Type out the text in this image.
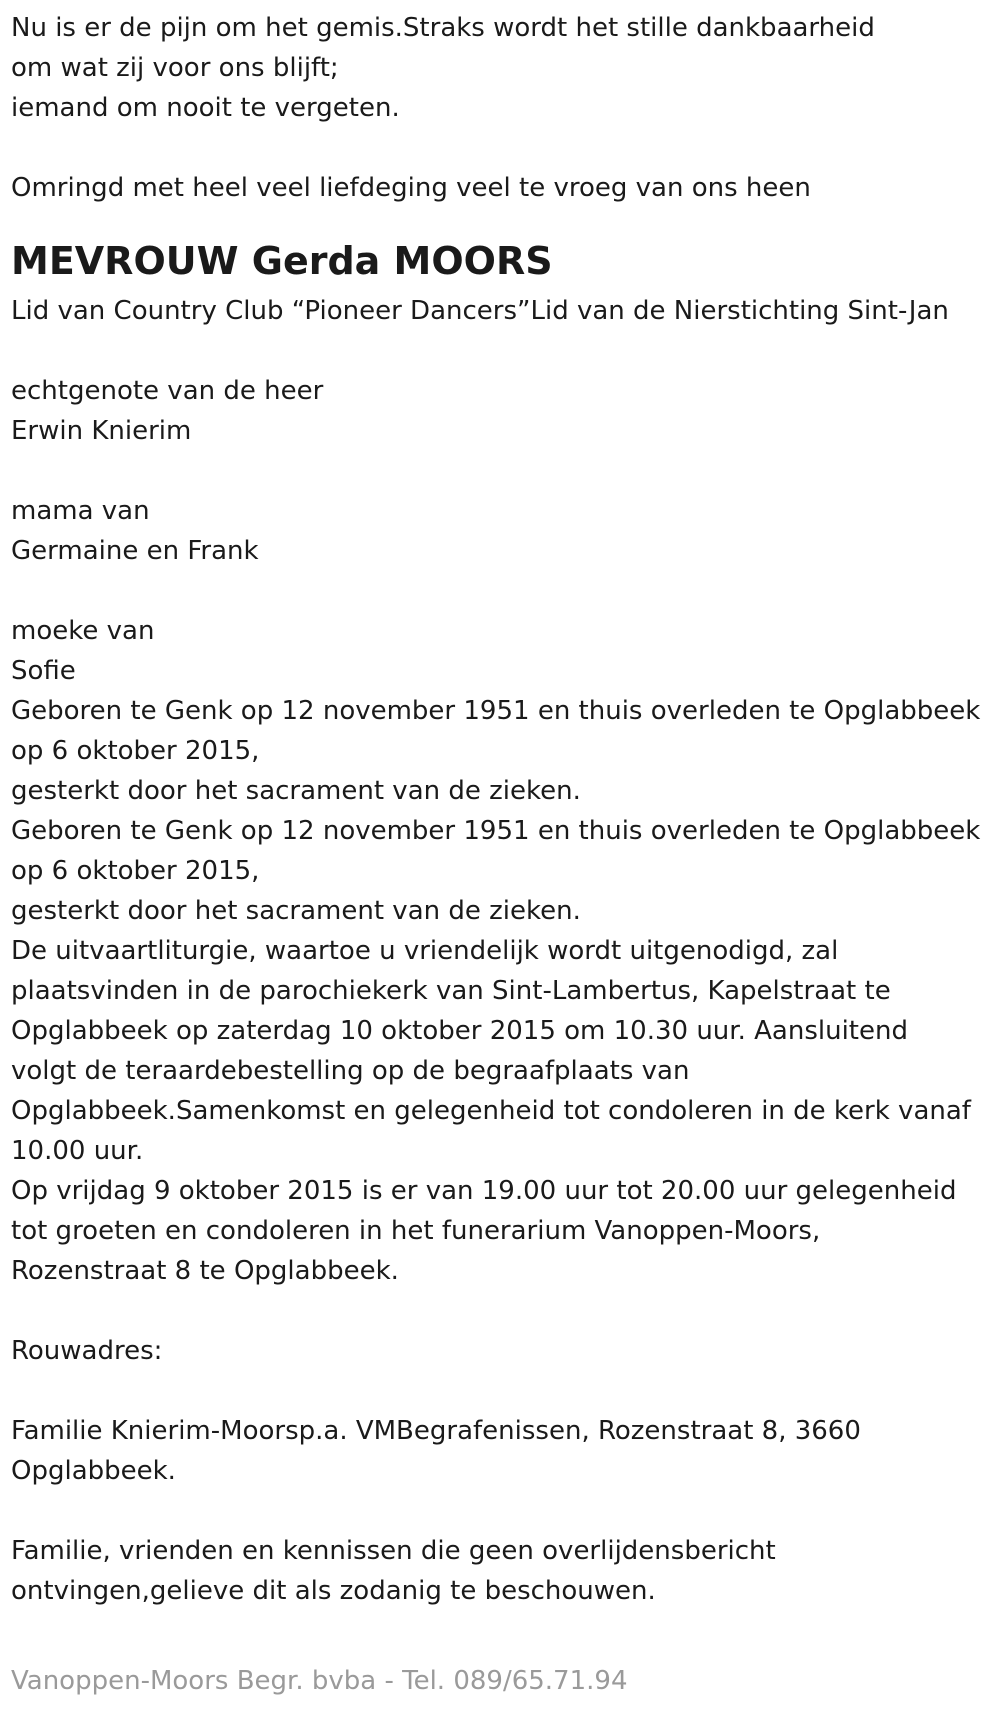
Nu is er de pijn om het gemis.Straks wordt het stille dankbaarheid

om wat zij voor ons blijft;

iemand om nooit te vergeten.

Omringd met heel veel liefdeging veel te vroeg van ons heen

MEVROUW Gerda MOORS

Lid van Country Club “Pioneer Dancers”Lid van de Nierstichting Sint-Jan

echtgenote van de heer

Erwin Knierim

mama van

Germaine en Frank

moeke van

Sofie

Geboren te Genk op 12 november 1951 en thuis overleden te Opglabbeek

op 6 oktober 2015,

gesterkt door het sacrament van de zieken.

Geboren te Genk op 12 november 1951 en thuis overleden te Opglabbeek

op 6 oktober 2015,

gesterkt door het sacrament van de zieken.

De uitvaartliturgie, waartoe u vriendelijk wordt uitgenodigd, zal

plaatsvinden in de parochiekerk van Sint-Lambertus, Kapelstraat te

Opglabbeek op zaterdag 10 oktober 2015 om 10.30 uur. Aansluitend

volgt de teraardebestelling op de begraafplaats van

Opglabbeek.Samenkomst en gelegenheid tot condoleren in de kerk vanaf

10.00 uur.

Op vrijdag 9 oktober 2015 is er van 19.00 uur tot 20.00 uur gelegenheid

tot groeten en condoleren in het funerarium Vanoppen-Moors,

Rozenstraat 8 te Opglabbeek.

Rouwadres:

Familie Knierim-Moorsp.a. VMBegrafenissen, Rozenstraat 8, 3660

Opglabbeek.

Familie, vrienden en kennissen die geen overlijdensbericht

ontvingen,gelieve dit als zodanig te beschouwen.

Vanoppen-Moors Begr. bvba - Tel. 089/65.71.94
